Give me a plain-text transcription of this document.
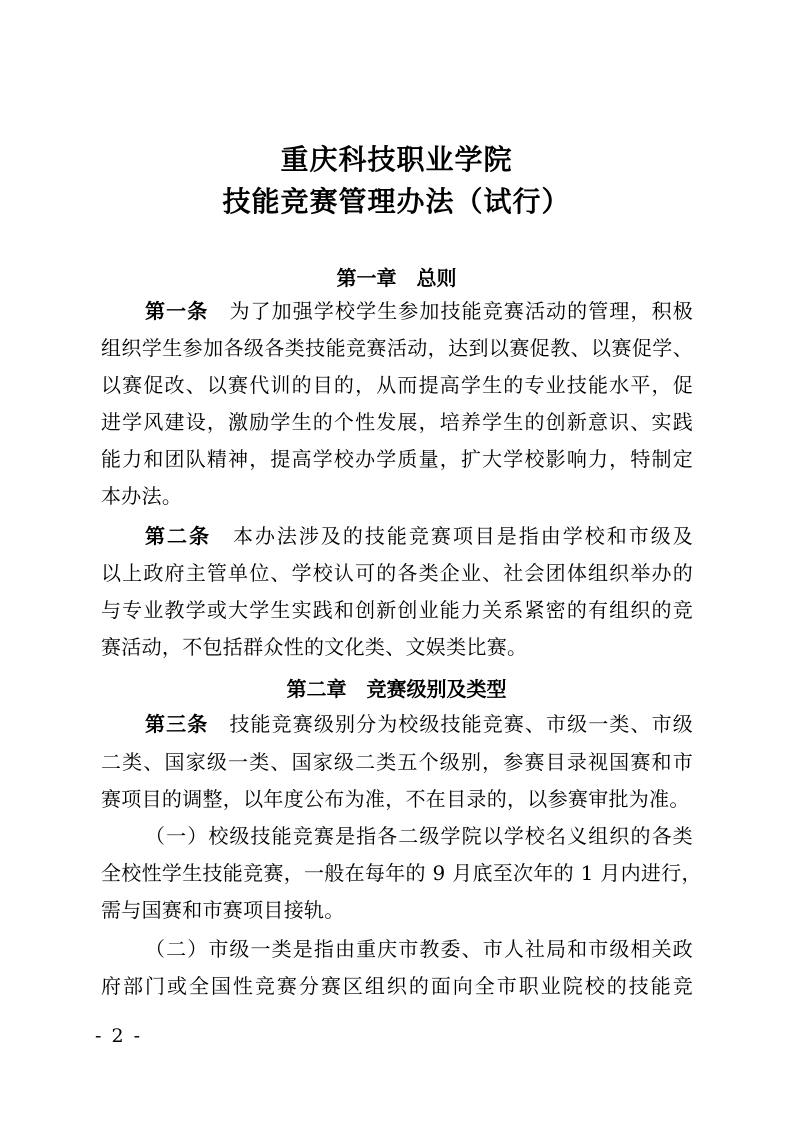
重庆科技职业学院
技能竞赛管理办法（试行）
第一章　总则
第一条　为了加强学校学生参加技能竞赛活动的管理，积极
组织学生参加各级各类技能竞赛活动，达到以赛促教、以赛促学、
以赛促改、以赛代训的目的，从而提高学生的专业技能水平，促
进学风建设，激励学生的个性发展，培养学生的创新意识、实践
能力和团队精神，提高学校办学质量，扩大学校影响力，特制定
本办法。
第二条　本办法涉及的技能竞赛项目是指由学校和市级及
以上政府主管单位、学校认可的各类企业、社会团体组织举办的
与专业教学或大学生实践和创新创业能力关系紧密的有组织的竞
赛活动，不包括群众性的文化类、文娱类比赛。
第二章　竞赛级别及类型
第三条　技能竞赛级别分为校级技能竞赛、市级一类、市级
二类、国家级一类、国家级二类五个级别，参赛目录视国赛和市
赛项目的调整，以年度公布为准，不在目录的，以参赛审批为准。
（一）校级技能竞赛是指各二级学院以学校名义组织的各类
全校性学生技能竞赛，一般在每年的 9 月底至次年的 1 月内进行，
需与国赛和市赛项目接轨。
（二）市级一类是指由重庆市教委、市人社局和市级相关政
府部门或全国性竞赛分赛区组织的面向全市职业院校的技能竞
- 2 -
